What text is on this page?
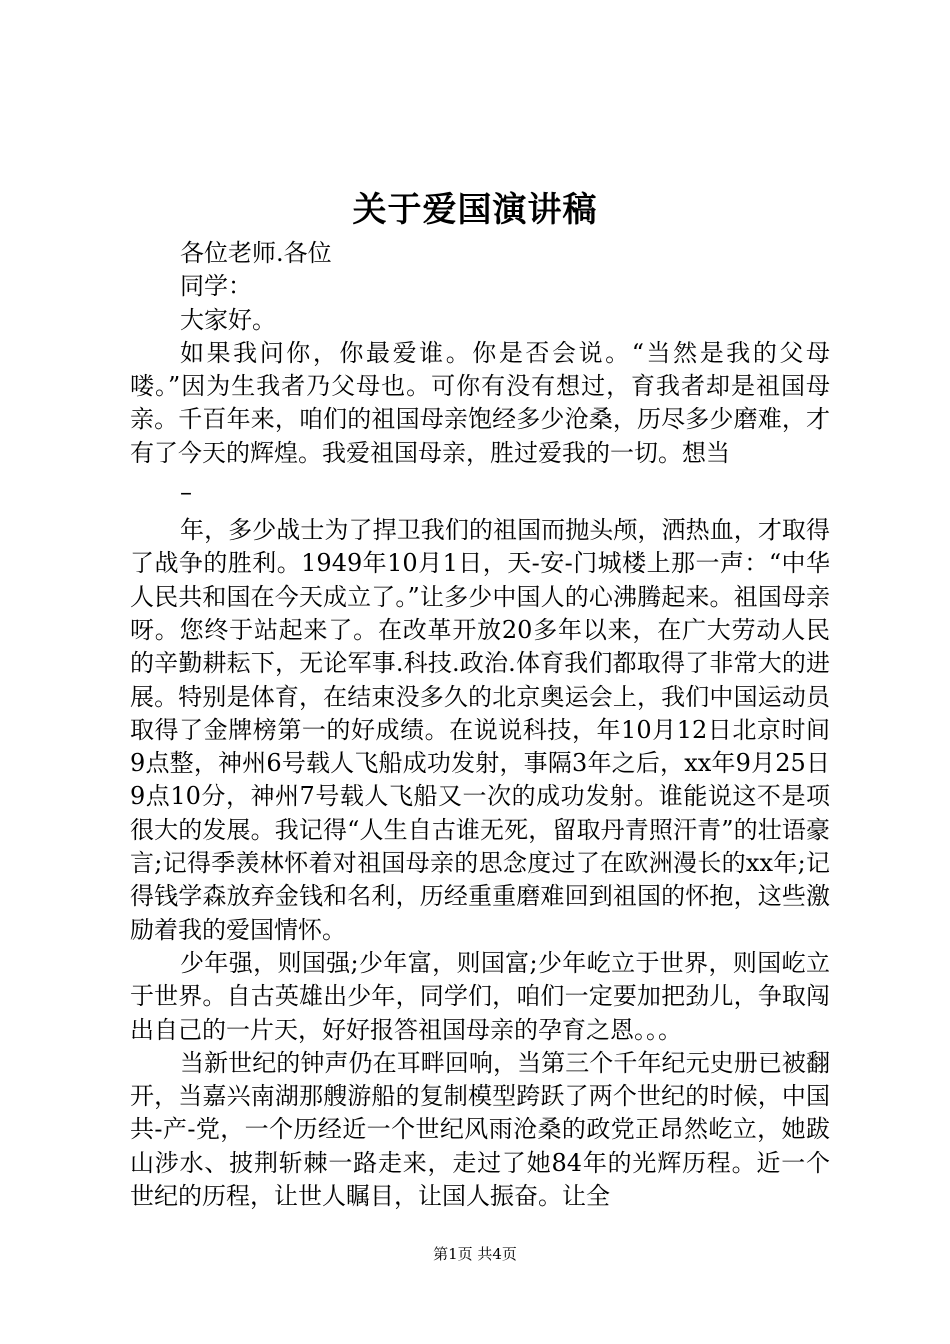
关于爱国演讲稿

各位老师.各位

同学：

大家好。

如果我问你，你最爱谁。你是否会说。“当然是我的父母喽。”因为生我者乃父母也。可你有没有想过，育我者却是祖国母亲。千百年来，咱们的祖国母亲饱经多少沧桑，历尽多少磨难，才有了今天的辉煌。我爱祖国母亲，胜过爱我的一切。想当

–

年，多少战士为了捍卫我们的祖国而抛头颅，洒热血，才取得了战争的胜利。1949年10月1日，天-安-门城楼上那一声：“中华人民共和国在今天成立了。”让多少中国人的心沸腾起来。祖国母亲呀。您终于站起来了。在改革开放20多年以来，在广大劳动人民的辛勤耕耘下，无论军事.科技.政治.体育我们都取得了非常大的进展。特别是体育，在结束没多久的北京奥运会上，我们中国运动员取得了金牌榜第一的好成绩。在说说科技，年10月12日北京时间9点整，神州6号载人飞船成功发射，事隔3年之后，xx年9月25日9点10分，神州7号载人飞船又一次的成功发射。谁能说这不是项很大的发展。我记得“人生自古谁无死，留取丹青照汗青”的壮语豪言;记得季羡林怀着对祖国母亲的思念度过了在欧洲漫长的xx年;记得钱学森放弃金钱和名利，历经重重磨难回到祖国的怀抱，这些激励着我的爱国情怀。

少年强，则国强;少年富，则国富;少年屹立于世界，则国屹立于世界。自古英雄出少年，同学们，咱们一定要加把劲儿，争取闯出自己的一片天，好好报答祖国母亲的孕育之恩。。。

当新世纪的钟声仍在耳畔回响，当第三个千年纪元史册已被翻开，当嘉兴南湖那艘游船的复制模型跨跃了两个世纪的时候，中国共-产-党，一个历经近一个世纪风雨沧桑的政党正昂然屹立，她跋山涉水、披荆斩棘一路走来，走过了她84年的光辉历程。近一个世纪的历程，让世人瞩目，让国人振奋。让全

第1页 共4页
